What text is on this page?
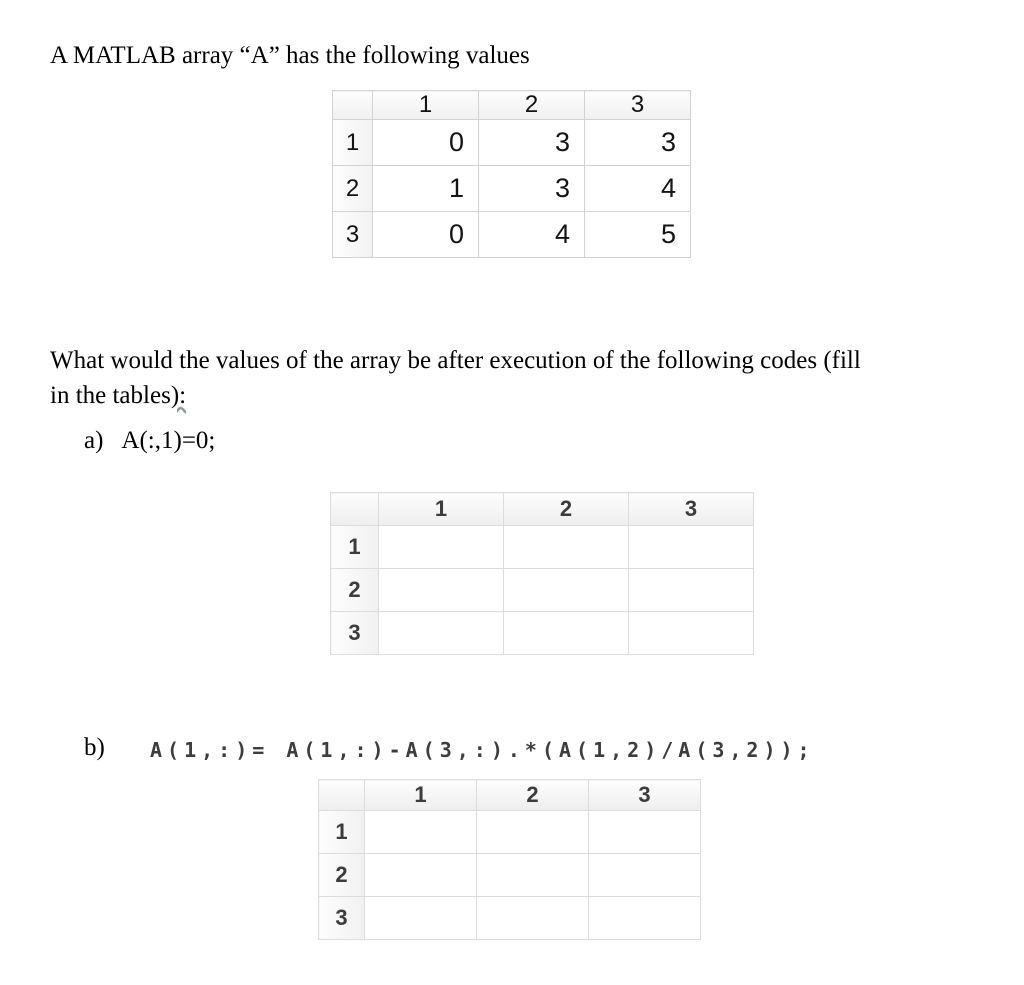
A MATLAB array “A” has the following values

	1	2	3
1	0	3	3
2	1	3	4
3	0	4	5

What would the values of the array be after execution of the following codes (fill
in the tables):

a) A(:,1)=0;

	1	2	3
1			
2			
3			

b) A(1,:)= A(1,:)-A(3,:).*(A(1,2)/A(3,2));

	1	2	3
1			
2			
3			
